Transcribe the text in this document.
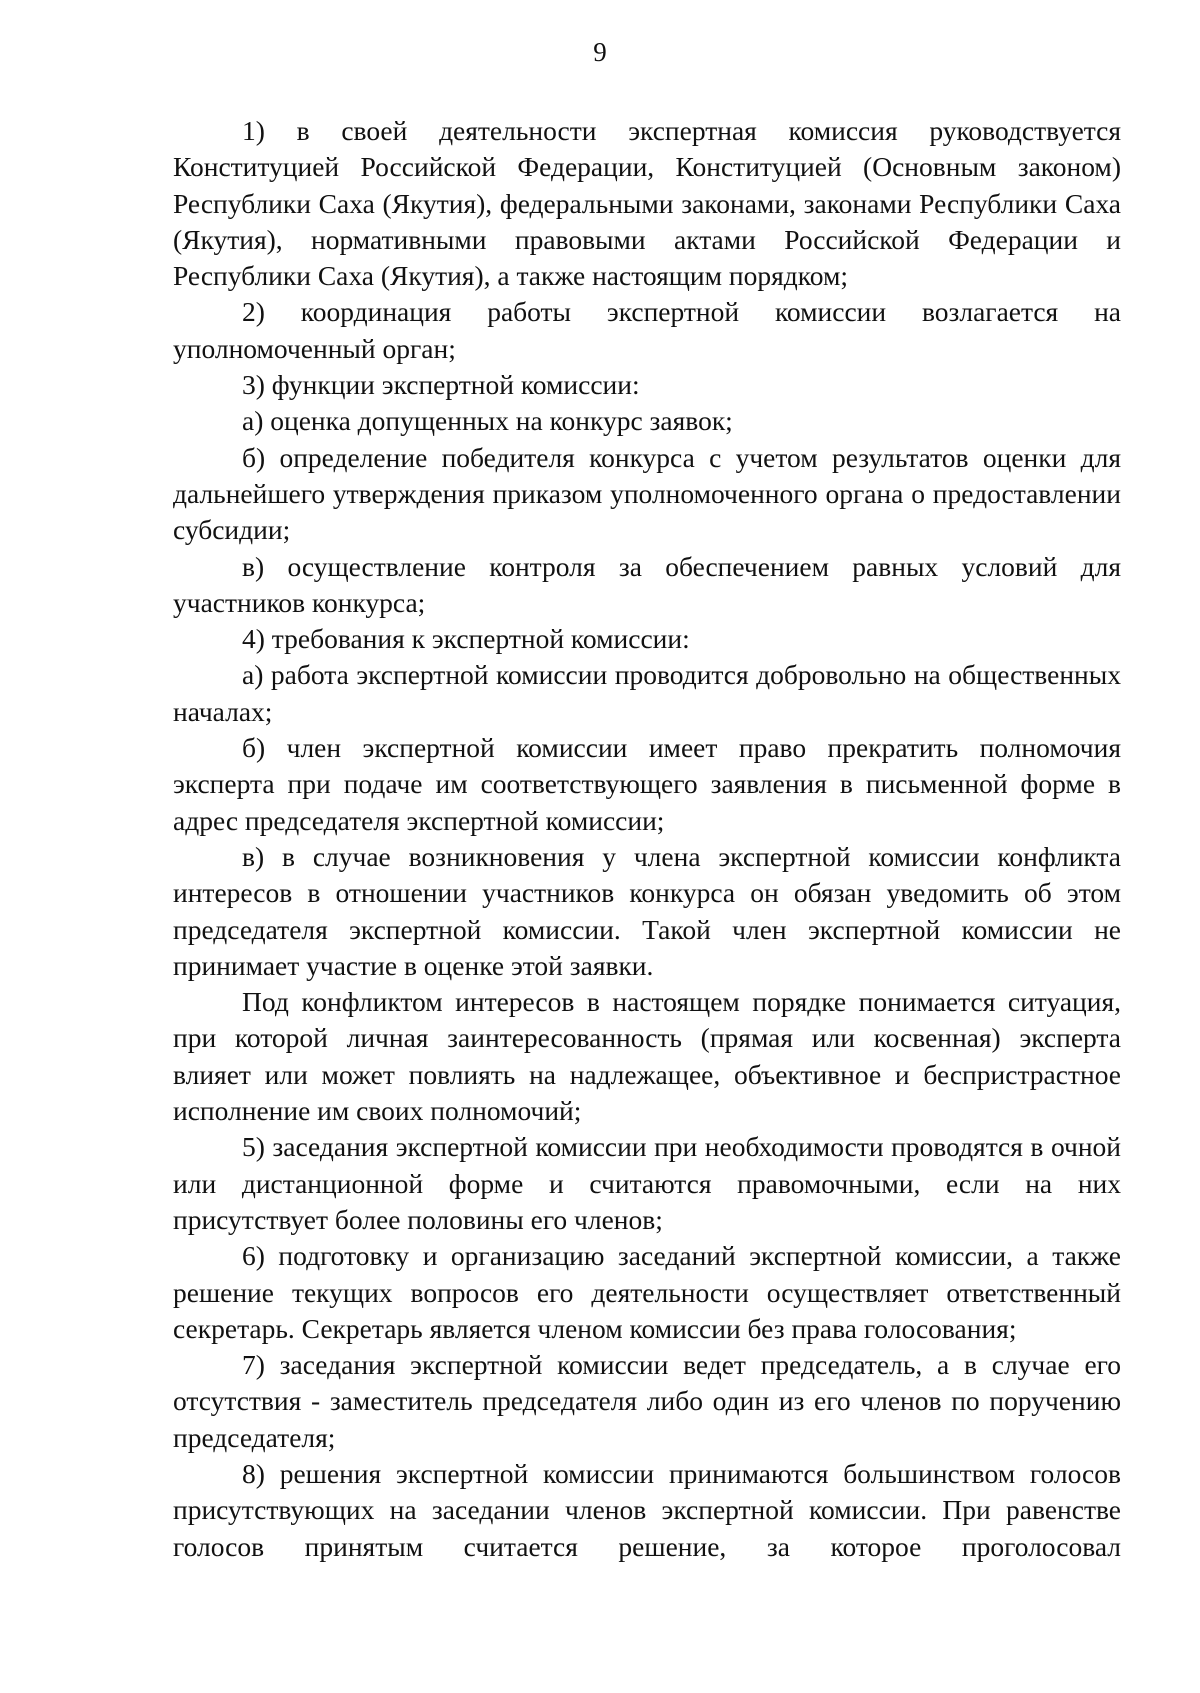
9

1) в своей деятельности экспертная комиссия руководствуется Конституцией Российской Федерации, Конституцией (Основным законом) Республики Саха (Якутия), федеральными законами, законами Республики Саха (Якутия), нормативными правовыми актами Российской Федерации и Республики Саха (Якутия), а также настоящим порядком;

2) координация работы экспертной комиссии возлагается на уполномоченный орган;

3) функции экспертной комиссии:

а) оценка допущенных на конкурс заявок;

б) определение победителя конкурса с учетом результатов оценки для дальнейшего утверждения приказом уполномоченного органа о предоставлении субсидии;

в) осуществление контроля за обеспечением равных условий для участников конкурса;

4) требования к экспертной комиссии:

а) работа экспертной комиссии проводится добровольно на общественных началах;

б) член экспертной комиссии имеет право прекратить полномочия эксперта при подаче им соответствующего заявления в письменной форме в адрес председателя экспертной комиссии;

в) в случае возникновения у члена экспертной комиссии конфликта интересов в отношении участников конкурса он обязан уведомить об этом председателя экспертной комиссии. Такой член экспертной комиссии не принимает участие в оценке этой заявки.

Под конфликтом интересов в настоящем порядке понимается ситуация, при которой личная заинтересованность (прямая или косвенная) эксперта влияет или может повлиять на надлежащее, объективное и беспристрастное исполнение им своих полномочий;

5) заседания экспертной комиссии при необходимости проводятся в очной или дистанционной форме и считаются правомочными, если на них присутствует более половины его членов;

6) подготовку и организацию заседаний экспертной комиссии, а также решение текущих вопросов его деятельности осуществляет ответственный секретарь. Секретарь является членом комиссии без права голосования;

7) заседания экспертной комиссии ведет председатель, а в случае его отсутствия - заместитель председателя либо один из его членов по поручению председателя;

8) решения экспертной комиссии принимаются большинством голосов присутствующих на заседании членов экспертной комиссии. При равенстве голосов принятым считается решение, за которое проголосовал
